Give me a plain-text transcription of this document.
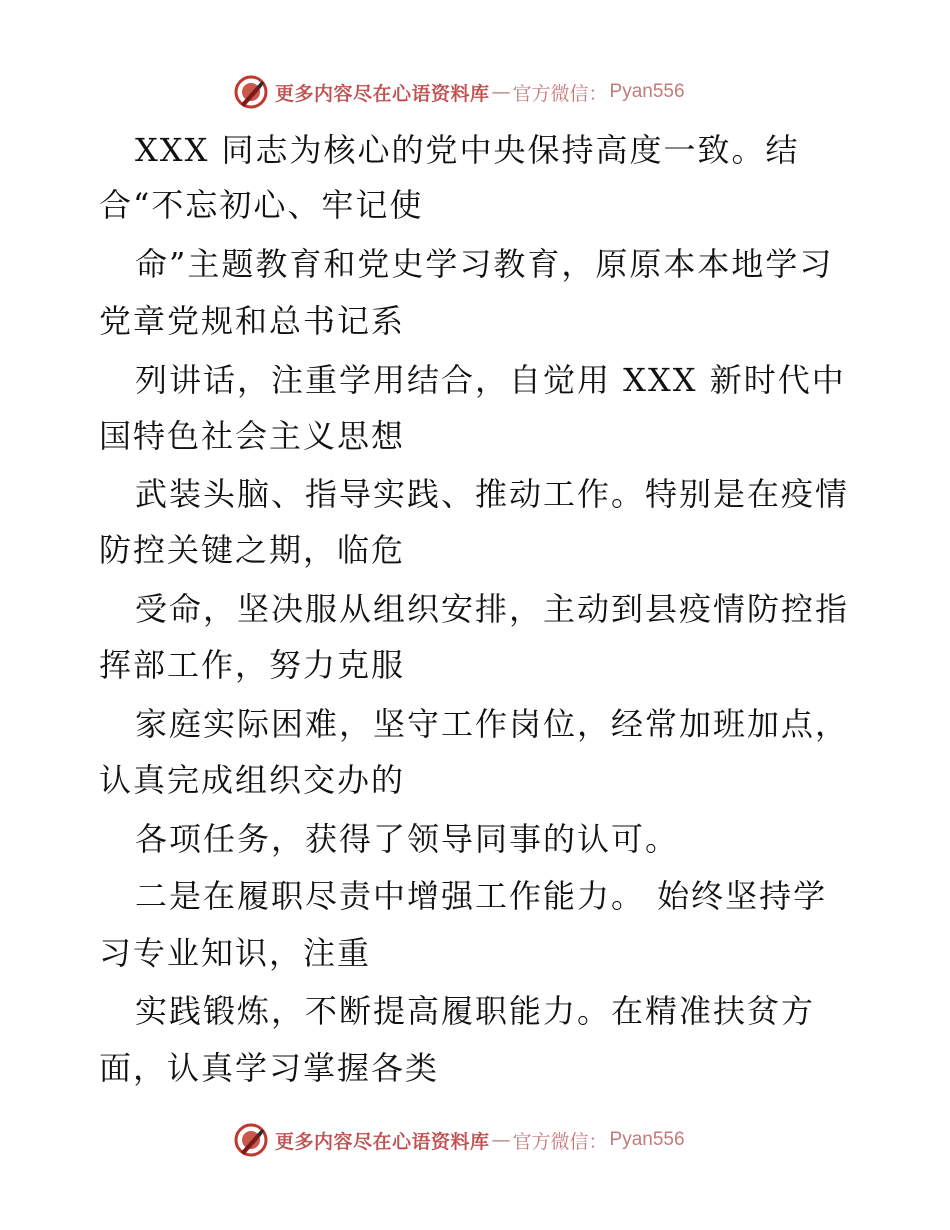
更多内容尽在心语资料库 — 官方微信： Pyan556
XXX 同志为核心的党中央保持高度一致。结
合“不忘初心、牢记使
命”主题教育和党史学习教育，原原本本地学习
党章党规和总书记系
列讲话，注重学用结合，自觉用 XXX 新时代中
国特色社会主义思想
武装头脑、指导实践、推动工作。特别是在疫情
防控关键之期，临危
受命，坚决服从组织安排，主动到县疫情防控指
挥部工作，努力克服
家庭实际困难，坚守工作岗位，经常加班加点，
认真完成组织交办的
各项任务，获得了领导同事的认可。
二是在履职尽责中增强工作能力。 始终坚持学
习专业知识，注重
实践锻炼，不断提高履职能力。在精准扶贫方
面，认真学习掌握各类
更多内容尽在心语资料库 — 官方微信： Pyan556
